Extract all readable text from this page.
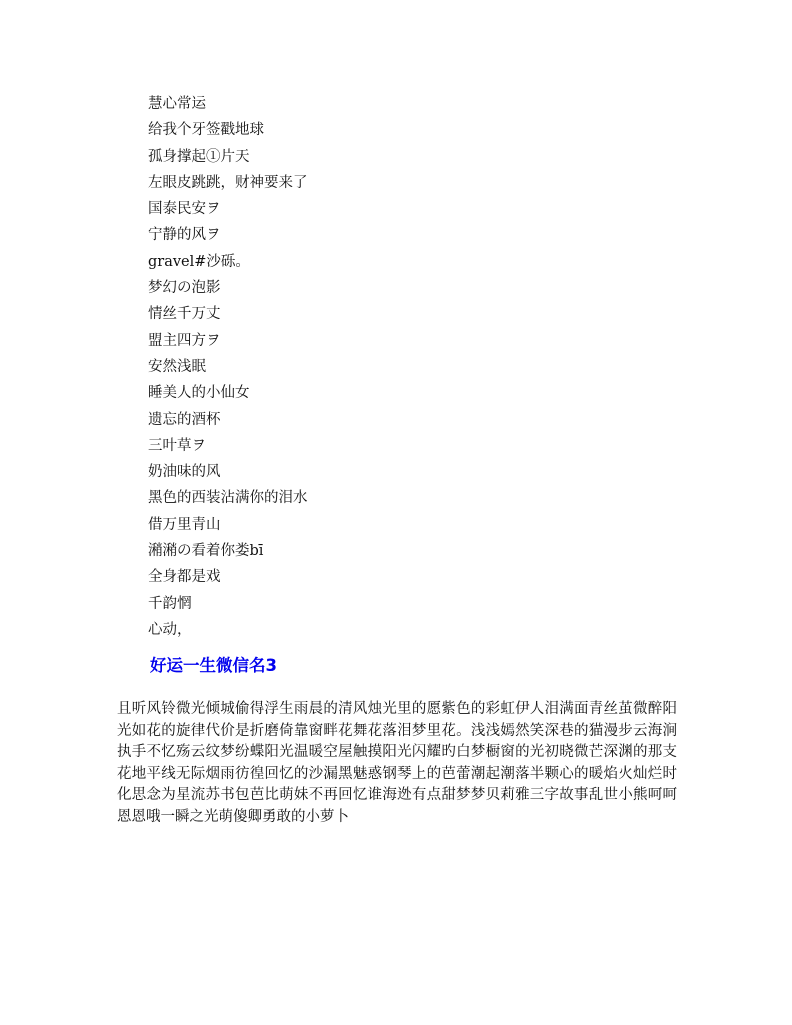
慧心常运
给我个牙签戳地球
孤身撑起①片天
左眼皮跳跳，财神要来了
国泰民安ヲ
宁静的风ヲ
gravel#沙砾。
梦幻の泡影
情丝千万丈
盟主四方ヲ
安然浅眠
睡美人的小仙女
遗忘的酒杯
三叶草ヲ
奶油味的风
黑色的西装沾满你的泪水
借万里青山
潲潲の看着你娄bī
全身都是戏
千韵惘
心动，
好运一生微信名3

且听风铃微光倾城偷得浮生雨晨的清风烛光里的愿紫色的彩虹伊人泪满面青丝茧微醉阳光如花的旋律代价是折磨倚靠窗畔花舞花落泪梦里花。浅浅嫣然笑深巷的猫漫步云海涧执手不忆殇云纹梦纷蝶阳光温暖空屋触摸阳光闪耀旳白梦橱窗的光初晓微芒深渊的那支花地平线无际烟雨彷徨回忆的沙漏黑魅惑钢琴上的芭蕾潮起潮落半颗心的暖焰火灿烂时化思念为星流苏书包芭比萌妹不再回忆谁海迯有点甜梦梦贝莉雅三字故事乱世小熊呵呵恩恩哦一瞬之光萌傻卿勇敢的小萝卜
